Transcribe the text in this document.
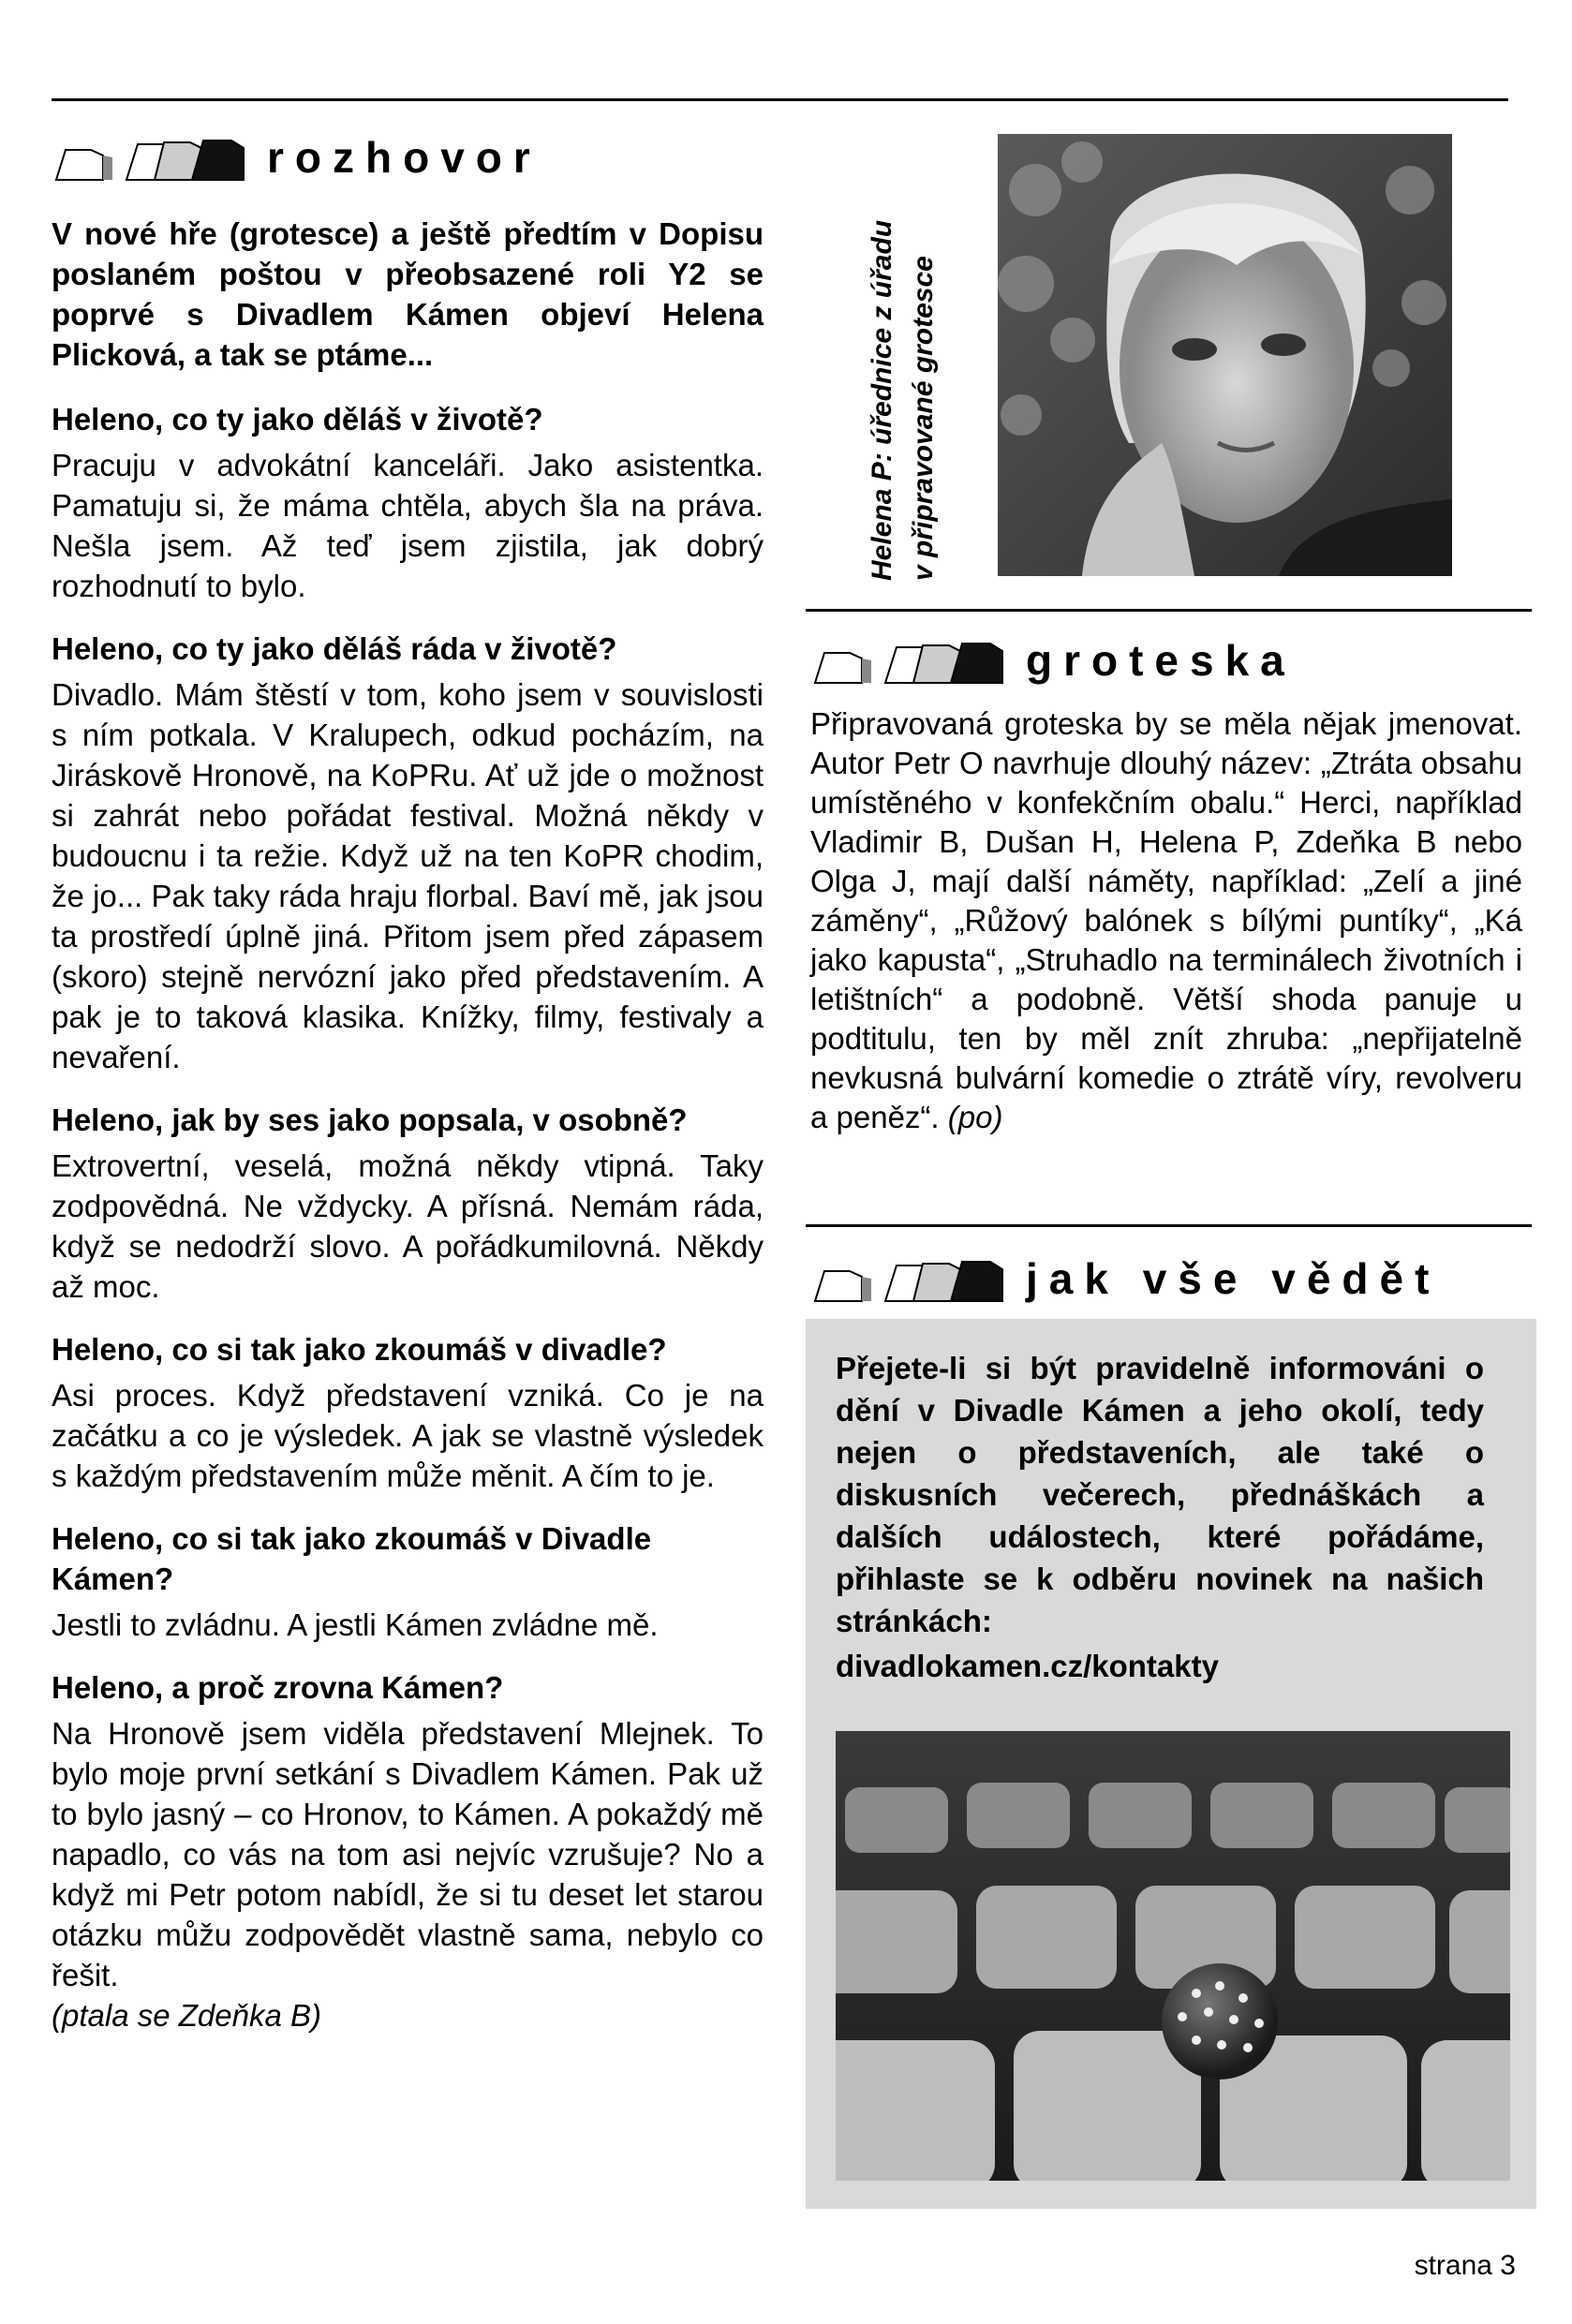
rozhovor

V nové hře (grotesce) a ještě předtím v Dopisu poslaném poštou v přeobsazené roli Y2 se poprvé s Divadlem Kámen objeví Helena Plicková, a tak se ptáme...

Heleno, co ty jako děláš v životě?

Pracuju v advokátní kanceláři. Jako asistentka. Pamatuju si, že máma chtěla, abych šla na práva. Nešla jsem. Až teď jsem zjistila, jak dobrý rozhodnutí to bylo.

Heleno, co ty jako děláš ráda v životě?

Divadlo. Mám štěstí v tom, koho jsem v souvislosti s ním potkala. V Kralupech, odkud pocházím, na Jiráskově Hronově, na KoPRu. Ať už jde o možnost si zahrát nebo pořádat festival. Možná někdy v budoucnu i ta režie. Když už na ten KoPR chodim, že jo... Pak taky ráda hraju florbal. Baví mě, jak jsou ta prostředí úplně jiná. Přitom jsem před zápasem (skoro) stejně nervózní jako před představením. A pak je to taková klasika. Knížky, filmy, festivaly a nevaření.

Heleno, jak by ses jako popsala, v osobně?

Extrovertní, veselá, možná někdy vtipná. Taky zodpovědná. Ne vždycky. A přísná. Nemám ráda, když se nedodrží slovo. A pořádkumilovná. Někdy až moc.

Heleno, co si tak jako zkoumáš v divadle?

Asi proces. Když představení vzniká. Co je na začátku a co je výsledek. A jak se vlastně výsledek s každým představením může měnit. A čím to je.

Heleno, co si tak jako zkoumáš v Divadle Kámen?

Jestli to zvládnu. A jestli Kámen zvládne mě.

Heleno, a proč zrovna Kámen?

Na Hronově jsem viděla představení Mlejnek. To bylo moje první setkání s Divadlem Kámen. Pak už to bylo jasný – co Hronov, to Kámen. A pokaždý mě napadlo, co vás na tom asi nejvíc vzrušuje? No a když mi Petr potom nabídl, že si tu deset let starou otázku můžu zodpovědět vlastně sama, nebylo co řešit.

(ptala se Zdeňka B)

Helena P: úřednice z úřadu v připravované grotesce
groteska
Připravovaná groteska by se měla nějak jmenovat. Autor Petr O navrhuje dlouhý název: „Ztráta obsahu umístěného v konfekčním obalu.“ Herci, například Vladimir B, Dušan H, Helena P, Zdeňka B nebo Olga J, mají další náměty, například: „Zelí a jiné záměny“, „Růžový balónek s bílými puntíky“, „Ká jako kapusta“, „Struhadlo na terminálech životních i letištních“ a podobně. Větší shoda panuje u podtitulu, ten by měl znít zhruba: „nepřijatelně nevkusná bulvární komedie o ztrátě víry, revolveru a peněz“. (po)
jak vše vědět
Přejete-li si být pravidelně informováni o dění v Divadle Kámen a jeho okolí, tedy nejen o představeních, ale také o diskusních večerech, přednáškách a dalších událostech, které pořádáme, přihlaste se k odběru novinek na našich stránkách:
divadlokamen.cz/kontakty
strana 3
